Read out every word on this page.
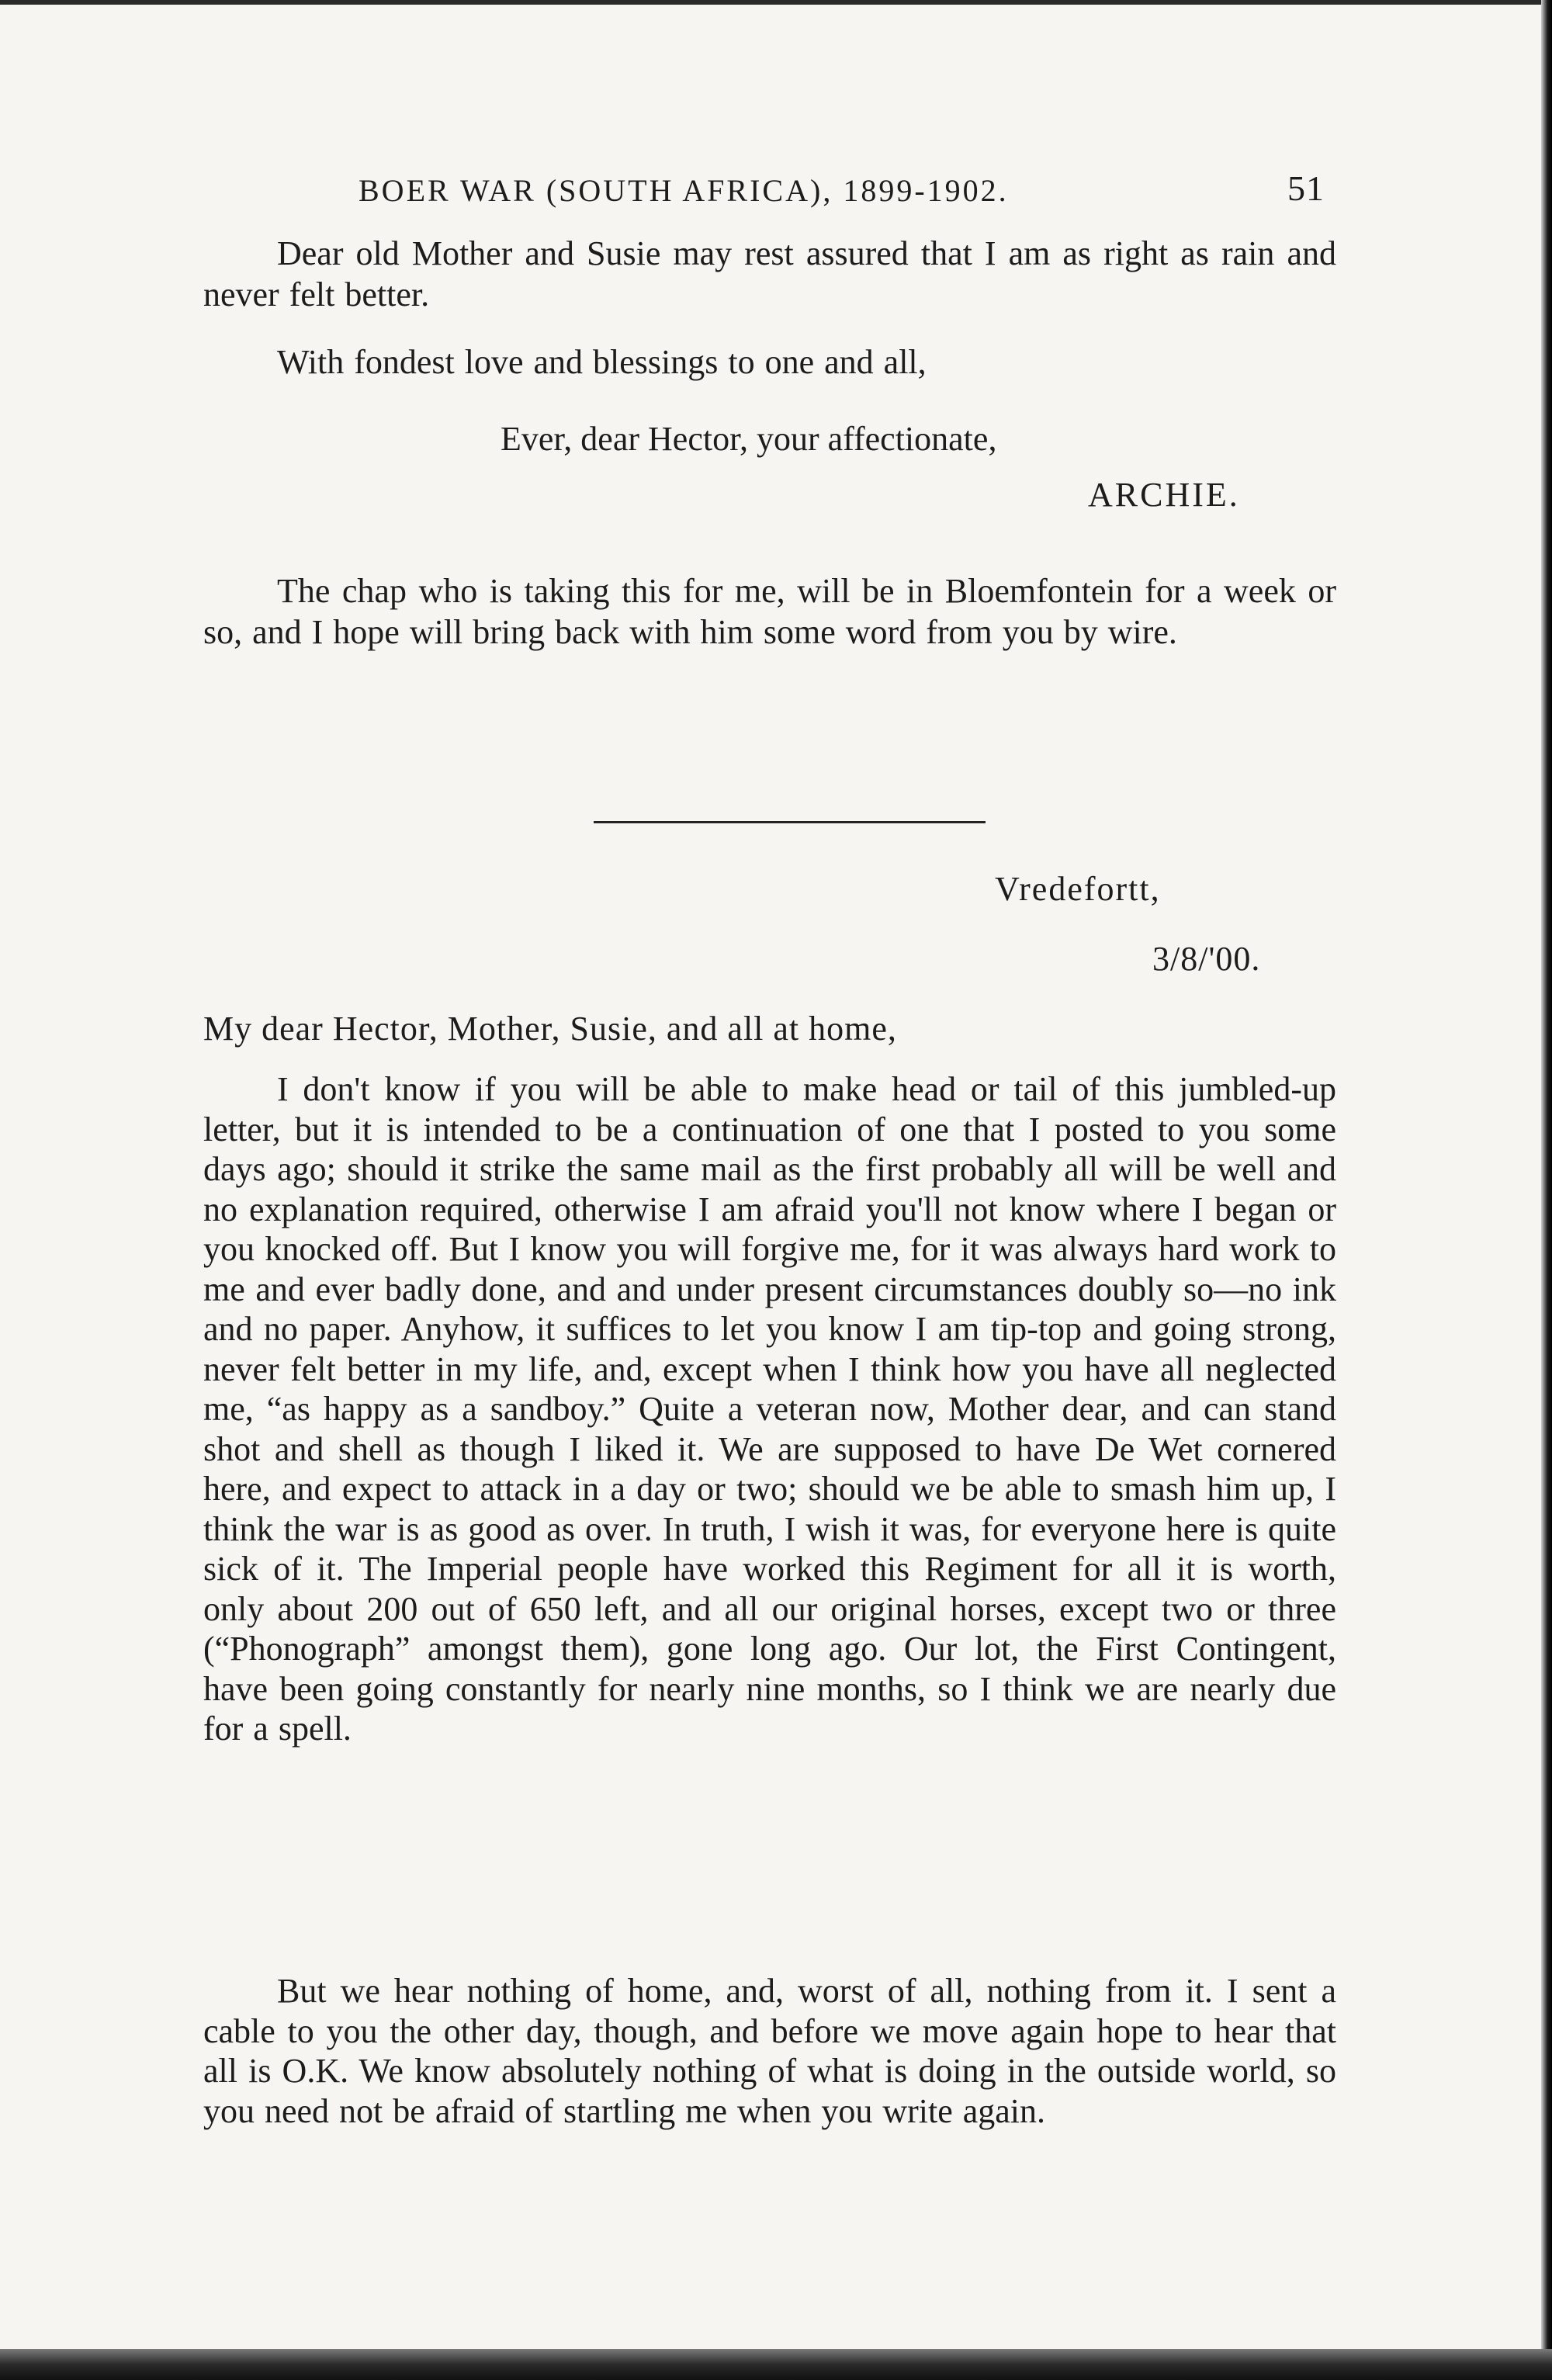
BOER WAR (SOUTH AFRICA), 1899-1902.	51

Dear old Mother and Susie may rest assured that I am as right as rain and never felt better.

With fondest love and blessings to one and all,

Ever, dear Hector, your affectionate,
ARCHIE.

The chap who is taking this for me, will be in Bloemfontein for a week or so, and I hope will bring back with him some word from you by wire.

Vredefortt,
3/8/'00.
My dear Hector, Mother, Susie, and all at home,

I don't know if you will be able to make head or tail of this jumbled-up letter, but it is intended to be a continuation of one that I posted to you some days ago; should it strike the same mail as the first probably all will be well and no explanation required, otherwise I am afraid you'll not know where I began or you knocked off. But I know you will forgive me, for it was always hard work to me and ever badly done, and and under present circumstances doubly so—no ink and no paper. Anyhow, it suffices to let you know I am tip-top and going strong, never felt better in my life, and, except when I think how you have all neglected me, “as happy as a sandboy.” Quite a veteran now, Mother dear, and can stand shot and shell as though I liked it. We are supposed to have De Wet cornered here, and expect to attack in a day or two; should we be able to smash him up, I think the war is as good as over. In truth, I wish it was, for everyone here is quite sick of it. The Imperial people have worked this Regiment for all it is worth, only about 200 out of 650 left, and all our original horses, except two or three (“Phonograph” amongst them), gone long ago. Our lot, the First Contingent, have been going constantly for nearly nine months, so I think we are nearly due for a spell.

But we hear nothing of home, and, worst of all, nothing from it. I sent a cable to you the other day, though, and before we move again hope to hear that all is O.K. We know absolutely nothing of what is doing in the outside world, so you need not be afraid of startling me when you write again.
